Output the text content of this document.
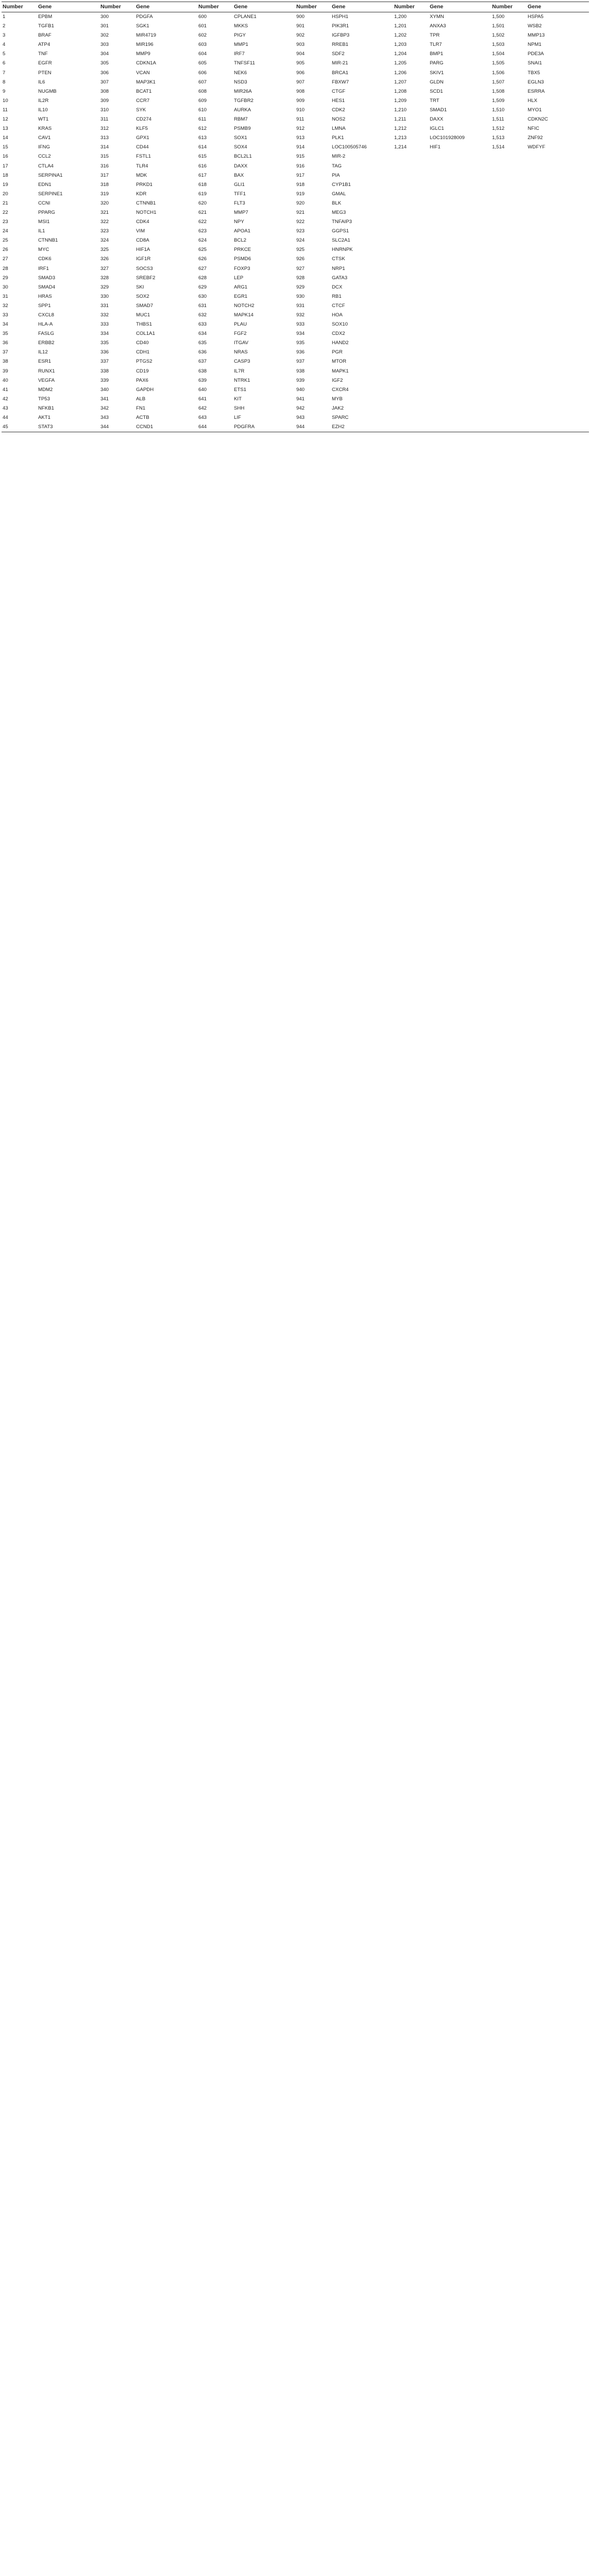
Number	Gene	Number	Gene	Number	Gene	Number	Gene	Number	Gene	Number	Gene
1	EPBM	300	PDGFA	600	CPLANE1	900	HSPH1	1,200	XYMN	1,500	HSPA5
2	TGFB1	301	SGK1	601	MKKS	901	PIK3R1	1,201	ANXA3	1,501	WSB2
3	BRAF	302	MIR4719	602	PIGY	902	IGFBP3	1,202	TPR	1,502	MMP13
4	ATP4	303	MIR196	603	MMP1	903	RREB1	1,203	TLR7	1,503	NPM1
5	TNF	304	MMP9	604	IRF7	904	SDF2	1,204	BMP1	1,504	PDE3A
6	EGFR	305	CDKN1A	605	TNFSF11	905	MIR-21	1,205	PARG	1,505	SNAI1
7	PTEN	306	VCAN	606	NEK6	906	BRCA1	1,206	SKIV1	1,506	TBX5
8	IL6	307	MAP3K1	607	NSD3	907	FBXW7	1,207	GLDN	1,507	EGLN3
9	NUGMB	308	BCAT1	608	MIR26A	908	CTGF	1,208	SCD1	1,508	ESRRA
10	IL2R	309	CCR7	609	TGFBR2	909	HES1	1,209	TRT	1,509	HLX
11	IL10	310	SYK	610	AURKA	910	CDK2	1,210	SMAD1	1,510	MYO1
12	WT1	311	CD274	611	RBM7	911	NOS2	1,211	DAXX	1,511	CDKN2C
13	KRAS	312	KLF5	612	PSMB9	912	LMNA	1,212	IGLC1	1,512	NFIC
14	CAV1	313	GPX1	613	SOX1	913	PLK1	1,213	LOC101928009	1,513	ZNF92
15	IFNG	314	CD44	614	SOX4	914	LOC100505746	1,214	HIF1	1,514	WDFYF
16	CCL2	315	FSTL1	615	BCL2L1	915	MIR-2				
17	CTLA4	316	TLR4	616	DAXX	916	TAG				
18	SERPINA1	317	MDK	617	BAX	917	PIA				
19	EDN1	318	PRKD1	618	GLI1	918	CYP1B1				
20	SERPINE1	319	KDR	619	TFF1	919	GMAL				
21	CCNI	320	CTNNB1	620	FLT3	920	BLK				
22	PPARG	321	NOTCH1	621	MMP7	921	MEG3				
23	MSI1	322	CDK4	622	NPY	922	TNFAIP3				
24	IL1	323	VIM	623	APOA1	923	GGPS1				
25	CTNNB1	324	CD8A	624	BCL2	924	SLC2A1				
26	MYC	325	HIF1A	625	PRKCE	925	HNRNPK				
27	CDK6	326	IGF1R	626	PSMD6	926	CTSK				
28	IRF1	327	SOCS3	627	FOXP3	927	NRP1				
29	SMAD3	328	SREBF2	628	LEP	928	GATA3				
30	SMAD4	329	SKI	629	ARG1	929	DCX				
31	HRAS	330	SOX2	630	EGR1	930	RB1				
32	SPP1	331	SMAD7	631	NOTCH2	931	CTCF				
33	CXCL8	332	MUC1	632	MAPK14	932	HOA				
34	HLA-A	333	THBS1	633	PLAU	933	SOX10				
35	FASLG	334	COL1A1	634	FGF2	934	CDX2				
36	ERBB2	335	CD40	635	ITGAV	935	HAND2				
37	IL12	336	CDH1	636	NRAS	936	PGR				
38	ESR1	337	PTGS2	637	CASP3	937	MTOR				
39	RUNX1	338	CD19	638	IL7R	938	MAPK1				
40	VEGFA	339	PAX6	639	NTRK1	939	IGF2				
41	MDM2	340	GAPDH	640	ETS1	940	CXCR4				
42	TP53	341	ALB	641	KIT	941	MYB				
43	NFKB1	342	FN1	642	SHH	942	JAK2				
44	AKT1	343	ACTB	643	LIF	943	SPARC				
45	STAT3	344	CCND1	644	PDGFRA	944	EZH2				
